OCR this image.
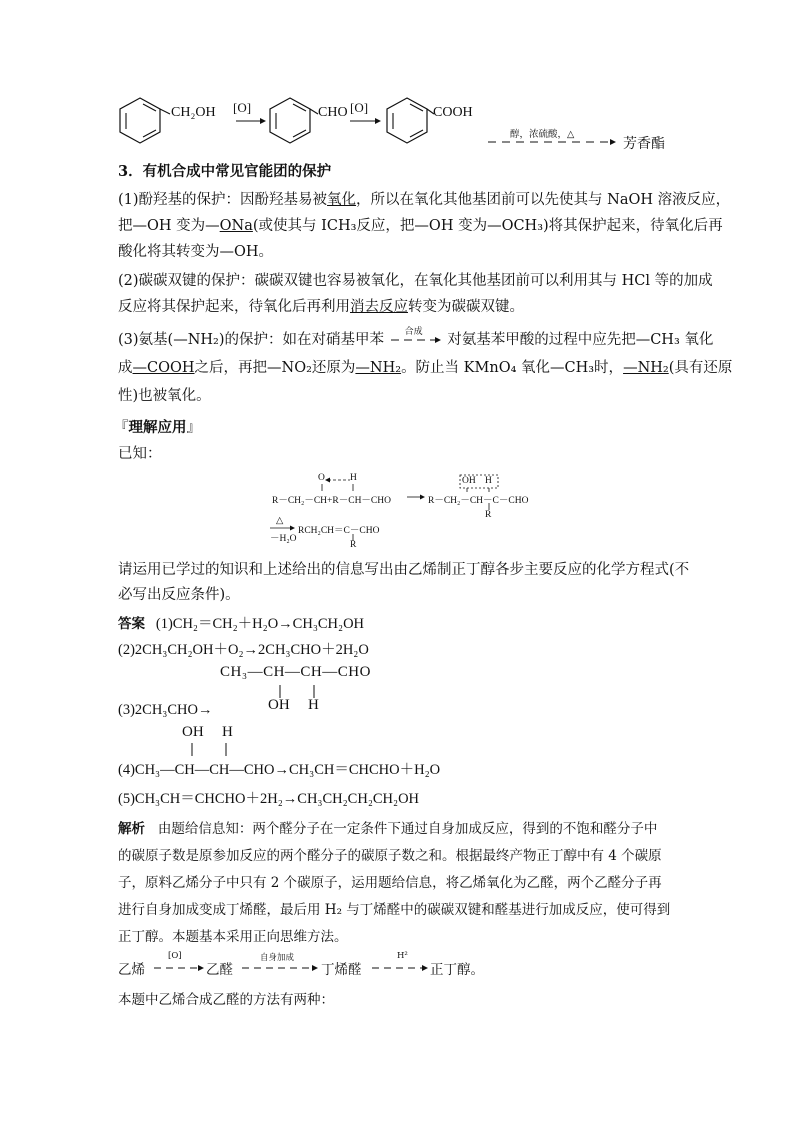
CH₂OH [O]	CHO [O]	COOH
醇，浓硫酸，△
芳香酯
3．有机合成中常见官能团的保护
(1)酚羟基的保护：因酚羟基易被氧化，所以在氧化其他基团前可以先使其与 NaOH 溶液反应，
把—OH 变为—ONa(或使其与 ICH₃反应，把—OH 变为—OCH₃)将其保护起来，待氧化后再
酸化将其转变为—OH。
(2)碳碳双键的保护：碳碳双键也容易被氧化，在氧化其他基团前可以利用其与 HCl 等的加成
反应将其保护起来，待氧化后再利用消去反应转变为碳碳双键。
(3)氨基(—NH₂)的保护：如在对硝基甲苯 合成 对氨基苯甲酸的过程中应先把—CH₃ 氧化
成—COOH之后，再把—NO₂还原为—NH₂。防止当 KMnO₄ 氧化—CH₃时，—NH₂(具有还原
性)也被氧化。
『理解应用』
已知：
O	H
R－CH₂－CH+R－CH－CHO	R－CH₂－CH－C－CHO
OH H
R
△
－H₂O
RCH₂CH＝C－CHO
R
请运用已学过的知识和上述给出的信息写出由乙烯制正丁醇各步主要反应的化学方程式(不
必写出反应条件)。
答案 (1)CH₂＝CH₂＋H₂O→CH₃CH₂OH
(2)2CH₃CH₂OH＋O₂→2CH₃CHO＋2H₂O
CH₃—CH—CH—CHO
(3)2CH₃CHO→	OH H
OH H
(4)CH₃—CH—CH—CHO→CH₃CH＝CHCHO＋H₂O
(5)CH₃CH＝CHCHO＋2H₂→CH₃CH₂CH₂CH₂OH
解析 由题给信息知：两个醛分子在一定条件下通过自身加成反应，得到的不饱和醛分子中
的碳原子数是原参加反应的两个醛分子的碳原子数之和。根据最终产物正丁醇中有 4 个碳原
子，原料乙烯分子中只有 2 个碳原子，运用题给信息，将乙烯氧化为乙醛，两个乙醛分子再
进行自身加成变成丁烯醛，最后用 H₂ 与丁烯醛中的碳碳双键和醛基进行加成反应，使可得到
正丁醇。本题基本采用正向思维方法。
乙烯
[O]
乙醛
自身加成
丁烯醛
H²
正丁醇。
本题中乙烯合成乙醛的方法有两种：
